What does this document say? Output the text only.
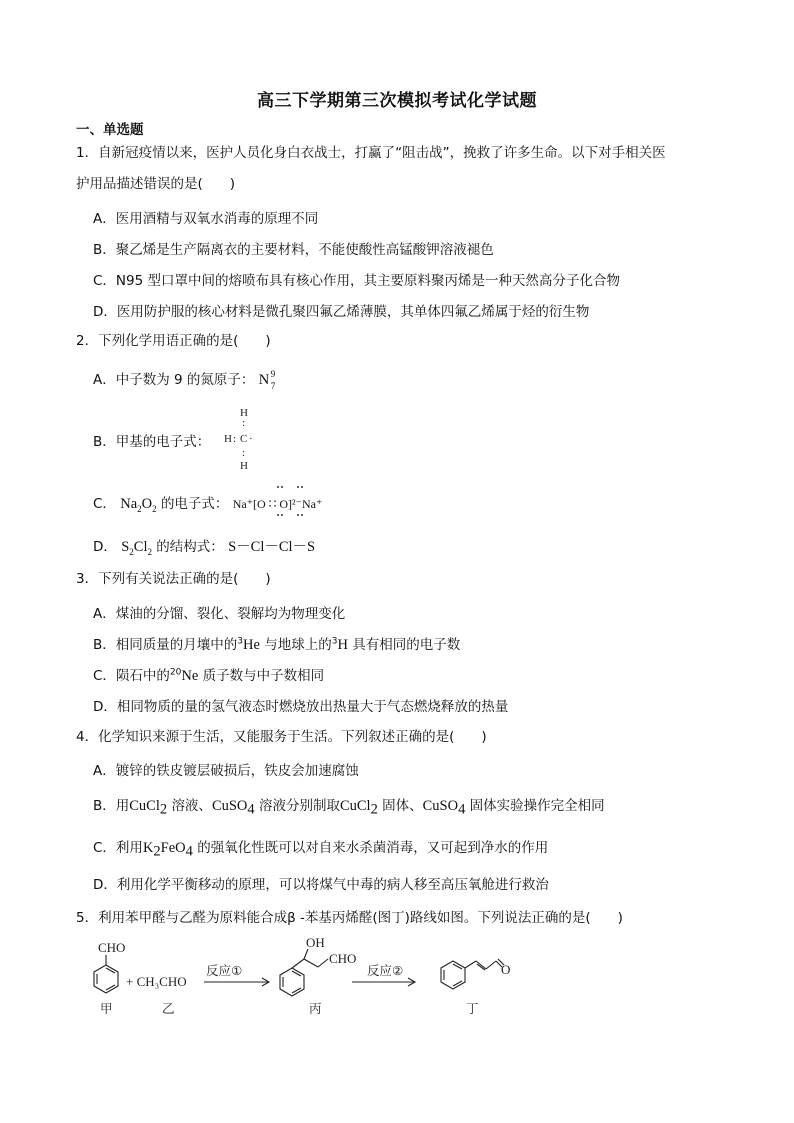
高三下学期第三次模拟考试化学试题
一、单选题
1．自新冠疫情以来，医护人员化身白衣战士，打赢了“阻击战”，挽救了许多生命。以下对手相关医
护用品描述错误的是(　　)
A．医用酒精与双氧水消毒的原理不同
B．聚乙烯是生产隔离衣的主要材料，不能使酸性高锰酸钾溶液褪色
C．N95 型口罩中间的熔喷布具有核心作用，其主要原料聚丙烯是一种天然高分子化合物
D．医用防护服的核心材料是微孔聚四氟乙烯薄膜，其单体四氟乙烯属于烃的衍生物
2．下列化学用语正确的是(　　)
A．中子数为 9 的氮原子： N 9
7
B．甲基的电子式：
H
:
H : C ·
:
H
C． $Na_2O_2$ 的电子式： Na⁺[O ∷ O]²⁻Na⁺
D． $S_2Cl_2$ 的结构式： S－Cl－Cl－S
3．下列有关说法正确的是(　　)
A．煤油的分馏、裂化、裂解均为物理变化
B．相同质量的月壤中的$^3$He 与地球上的$^3$H 具有相同的电子数
C．陨石中的$^{20}$Ne 质子数与中子数相同
D．相同物质的量的氢气液态时燃烧放出热量大于气态燃烧释放的热量
4．化学知识来源于生活，又能服务于生活。下列叙述正确的是(　　)
A．镀锌的铁皮镀层破损后，铁皮会加速腐蚀
B．用CuCl$_2$ 溶液、CuSO$_4$ 溶液分别制取CuCl$_2$ 固体、CuSO$_4$ 固体实验操作完全相同
C．利用$K_2FeO_4$ 的强氧化性既可以对自来水杀菌消毒，又可起到净水的作用
D．利用化学平衡移动的原理，可以将煤气中毒的病人移至高压氧舱进行救治
5．利用苯甲醛与乙醛为原料能合成β -苯基丙烯醛(图丁)路线如图。下列说法正确的是(　　)
CHO
+ CH₃CHO
OH
CHO
O
反应①	反应②
甲	乙	丙	丁
